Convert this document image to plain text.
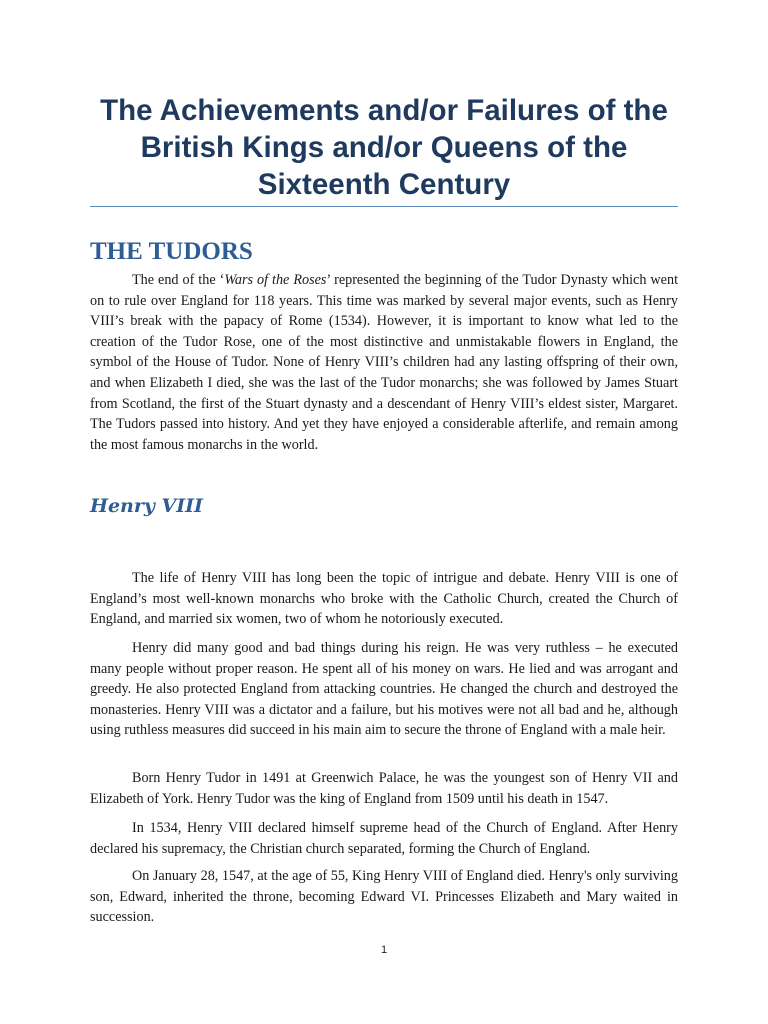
The Achievements and/or Failures of the British Kings and/or Queens of the Sixteenth Century
THE TUDORS

The end of the ‘Wars of the Roses’ represented the beginning of the Tudor Dynasty which went on to rule over England for 118 years. This time was marked by several major events, such as Henry VIII’s break with the papacy of Rome (1534). However, it is important to know what led to the creation of the Tudor Rose, one of the most distinctive and unmistakable flowers in England, the symbol of the House of Tudor. None of Henry VIII’s children had any lasting offspring of their own, and when Elizabeth I died, she was the last of the Tudor monarchs; she was followed by James Stuart from Scotland, the first of the Stuart dynasty and a descendant of Henry VIII’s eldest sister, Margaret. The Tudors passed into history. And yet they have enjoyed a considerable afterlife, and remain among the most famous monarchs in the world.

Henry VIII

The life of Henry VIII has long been the topic of intrigue and debate. Henry VIII is one of England’s most well-known monarchs who broke with the Catholic Church, created the Church of England, and married six women, two of whom he notoriously executed.

Henry did many good and bad things during his reign. He was very ruthless – he executed many people without proper reason. He spent all of his money on wars. He lied and was arrogant and greedy. He also protected England from attacking countries. He changed the church and destroyed the monasteries. Henry VIII was a dictator and a failure, but his motives were not all bad and he, although using ruthless measures did succeed in his main aim to secure the throne of England with a male heir.

Born Henry Tudor in 1491 at Greenwich Palace, he was the youngest son of Henry VII and Elizabeth of York. Henry Tudor was the king of England from 1509 until his death in 1547.

In 1534, Henry VIII declared himself supreme head of the Church of England. After Henry declared his supremacy, the Christian church separated, forming the Church of England.

On January 28, 1547, at the age of 55, King Henry VIII of England died. Henry's only surviving son, Edward, inherited the throne, becoming Edward VI. Princesses Elizabeth and Mary waited in succession.

1
